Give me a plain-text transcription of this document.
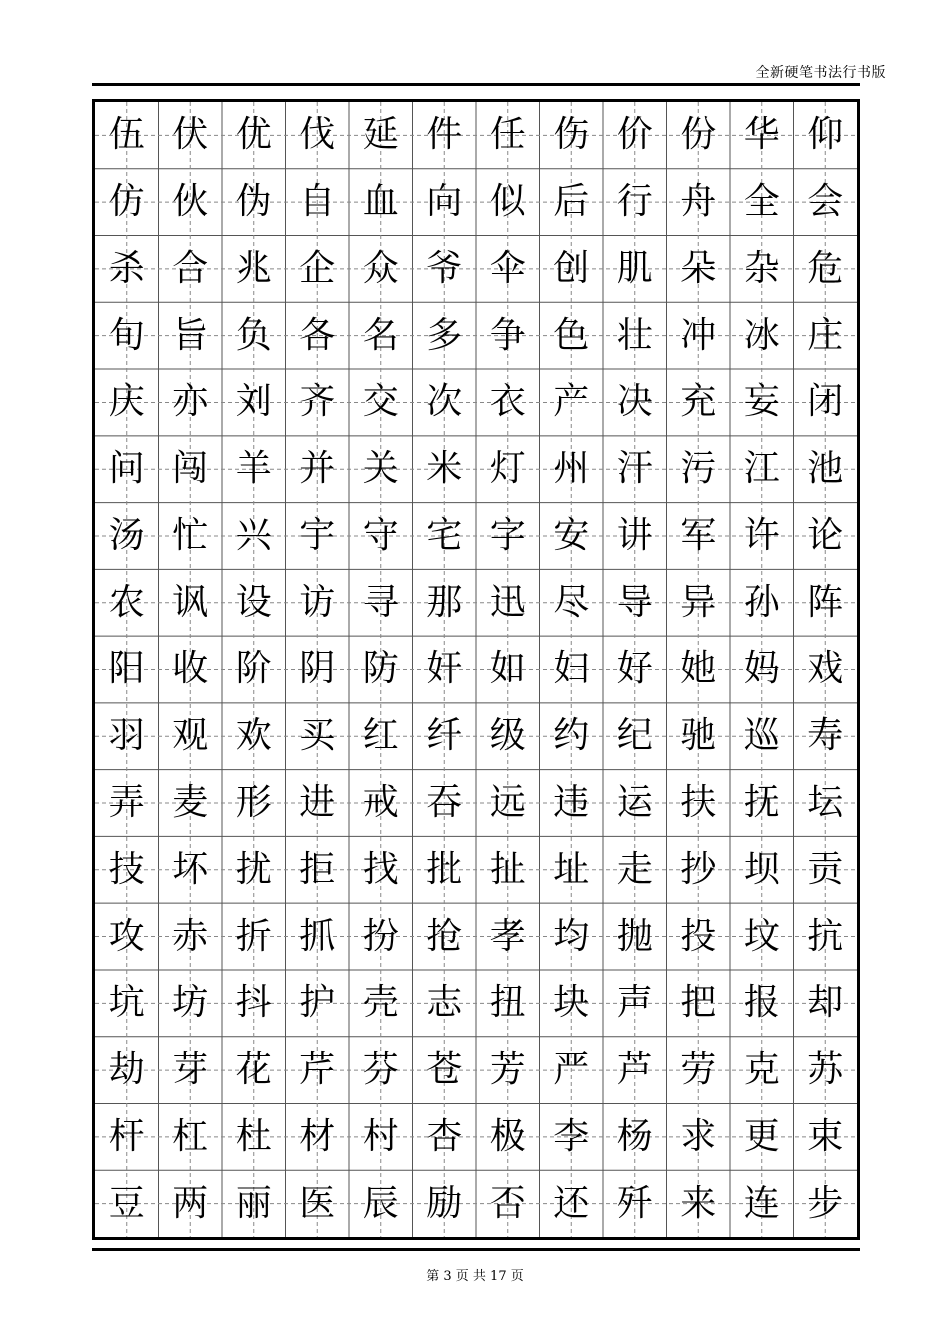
全新硬笔书法行书版
伍 伏 优 伐 延 件 任 伤 价 份 华 仰
仿 伙 伪 自 血 向 似 后 行 舟 全 会
杀 合 兆 企 众 爷 伞 创 肌 朵 杂 危
旬 旨 负 各 名 多 争 色 壮 冲 冰 庄
庆 亦 刘 齐 交 次 衣 产 决 充 妄 闭
问 闯 羊 并 关 米 灯 州 汗 污 江 池
汤 忙 兴 宇 守 宅 字 安 讲 军 许 论
农 讽 设 访 寻 那 迅 尽 导 异 孙 阵
阳 收 阶 阴 防 奸 如 妇 好 她 妈 戏
羽 观 欢 买 红 纤 级 约 纪 驰 巡 寿
弄 麦 形 进 戒 吞 远 违 运 扶 抚 坛
技 坏 扰 拒 找 批 扯 址 走 抄 坝 贡
攻 赤 折 抓 扮 抢 孝 均 抛 投 坟 抗
坑 坊 抖 护 壳 志 扭 块 声 把 报 却
劫 芽 花 芹 芬 苍 芳 严 芦 劳 克 苏
杆 杠 杜 材 村 杏 极 李 杨 求 更 束
豆 两 丽 医 辰 励 否 还 歼 来 连 步
第 3 页 共 17 页
